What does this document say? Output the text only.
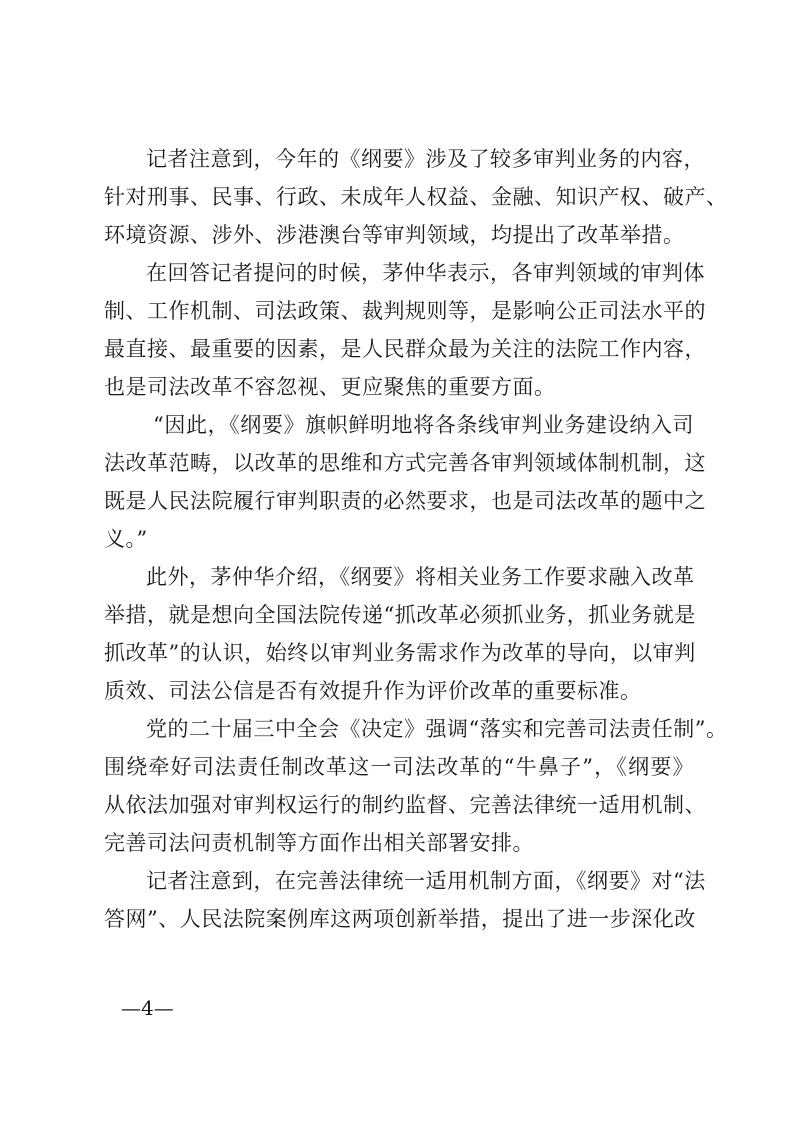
记者注意到，今年的《纲要》涉及了较多审判业务的内容，
针对刑事、民事、行政、未成年人权益、金融、知识产权、破产、
环境资源、涉外、涉港澳台等审判领域，均提出了改革举措。
在回答记者提问的时候，茅仲华表示，各审判领域的审判体
制、工作机制、司法政策、裁判规则等，是影响公正司法水平的
最直接、最重要的因素，是人民群众最为关注的法院工作内容，
也是司法改革不容忽视、更应聚焦的重要方面。
“因此，《纲要》旗帜鲜明地将各条线审判业务建设纳入司
法改革范畴，以改革的思维和方式完善各审判领域体制机制，这
既是人民法院履行审判职责的必然要求，也是司法改革的题中之
义。”
此外，茅仲华介绍，《纲要》将相关业务工作要求融入改革
举措，就是想向全国法院传递“抓改革必须抓业务，抓业务就是
抓改革”的认识，始终以审判业务需求作为改革的导向，以审判
质效、司法公信是否有效提升作为评价改革的重要标准。
党的二十届三中全会《决定》强调“落实和完善司法责任制”。
围绕牵好司法责任制改革这一司法改革的“牛鼻子”，《纲要》
从依法加强对审判权运行的制约监督、完善法律统一适用机制、
完善司法问责机制等方面作出相关部署安排。
记者注意到，在完善法律统一适用机制方面，《纲要》对“法
答网”、人民法院案例库这两项创新举措，提出了进一步深化改
—4—
